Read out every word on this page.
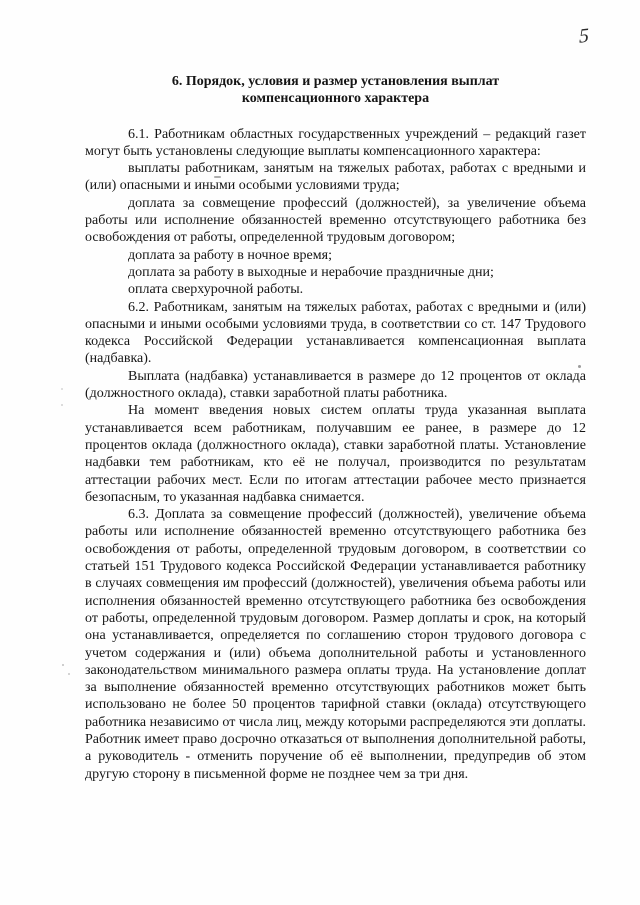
5
6. Порядок, условия и размер установления выплат
компенсационного характера

6.1. Работникам областных государственных учреждений – редакций газет могут быть установлены следующие выплаты компенсационного характера:

выплаты работникам, занятым на тяжелых работах, работах с вредными и (или) опасными и иными особыми условиями труда;

доплата за совмещение профессий (должностей), за увеличение объема работы или исполнение обязанностей временно отсутствующего работника без освобождения от работы, определенной трудовым договором;

доплата за работу в ночное время;

доплата за работу в выходные и нерабочие праздничные дни;

оплата сверхурочной работы.

6.2. Работникам, занятым на тяжелых работах, работах с вредными и (или) опасными и иными особыми условиями труда, в соответствии со ст. 147 Трудового кодекса Российской Федерации устанавливается компенсационная выплата (надбавка).

Выплата (надбавка) устанавливается в размере до 12 процентов от оклада (должностного оклада), ставки заработной платы работника.

На момент введения новых систем оплаты труда указанная выплата устанавливается всем работникам, получавшим ее ранее, в размере до 12 процентов оклада (должностного оклада), ставки заработной платы. Установление надбавки тем работникам, кто её не получал, производится по результатам аттестации рабочих мест. Если по итогам аттестации рабочее место признается безопасным, то указанная надбавка снимается.

6.3. Доплата за совмещение профессий (должностей), увеличение объема работы или исполнение обязанностей временно отсутствующего работника без освобождения от работы, определенной трудовым договором, в соответствии со статьей 151 Трудового кодекса Российской Федерации устанавливается работнику в случаях совмещения им профессий (должностей), увеличения объема работы или исполнения обязанностей временно отсутствующего работника без освобождения от работы, определенной трудовым договором. Размер доплаты и срок, на который она устанавливается, определяется по соглашению сторон трудового договора с учетом содержания и (или) объема дополнительной работы и установленного законодательством минимального размера оплаты труда. На установление доплат за выполнение обязанностей временно отсутствующих работников может быть использовано не более 50 процентов тарифной ставки (оклада) отсутствующего работника независимо от числа лиц, между которыми распределяются эти доплаты. Работник имеет право досрочно отказаться от выполнения дополнительной работы, а руководитель - отменить поручение об её выполнении, предупредив об этом другую сторону в письменной форме не позднее чем за три дня.
